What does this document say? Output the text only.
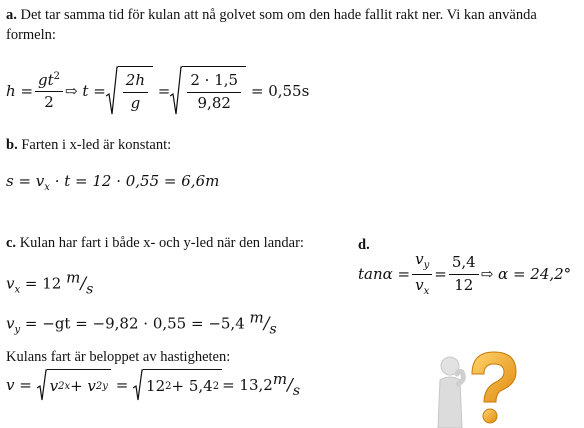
a. Det tar samma tid för kulan att nå golvet som om den hade fallit rakt ner. Vi kan använda
formeln:
h
= $\frac{gt^2}{2}$ ⇨
t
= $\frac{2h}{g}$
= $\frac{2 \cdot 1,5}{9,82}$
= 0,55s
b. Farten i x-led är konstant:
$s = v_x \cdot t = 12 \cdot 0,55 = 6,6m$
c. Kulan har fart i både x- och y-led när den landar:
$v_x = 12$ $^m/_s$
$v_y = -gt = -9,82 \cdot 0,55 = -5,4$ $^m/_s$
Kulans fart är beloppet av hastigheten:
v =
v 2 x + v 2 y = 12 2 + 5,4 2 = 13,2 $^m/_s$
d.
$\tan\alpha = \frac{v_y}{v_x} = \frac{5,4}{12}$ ⇨
α = 24,2°
